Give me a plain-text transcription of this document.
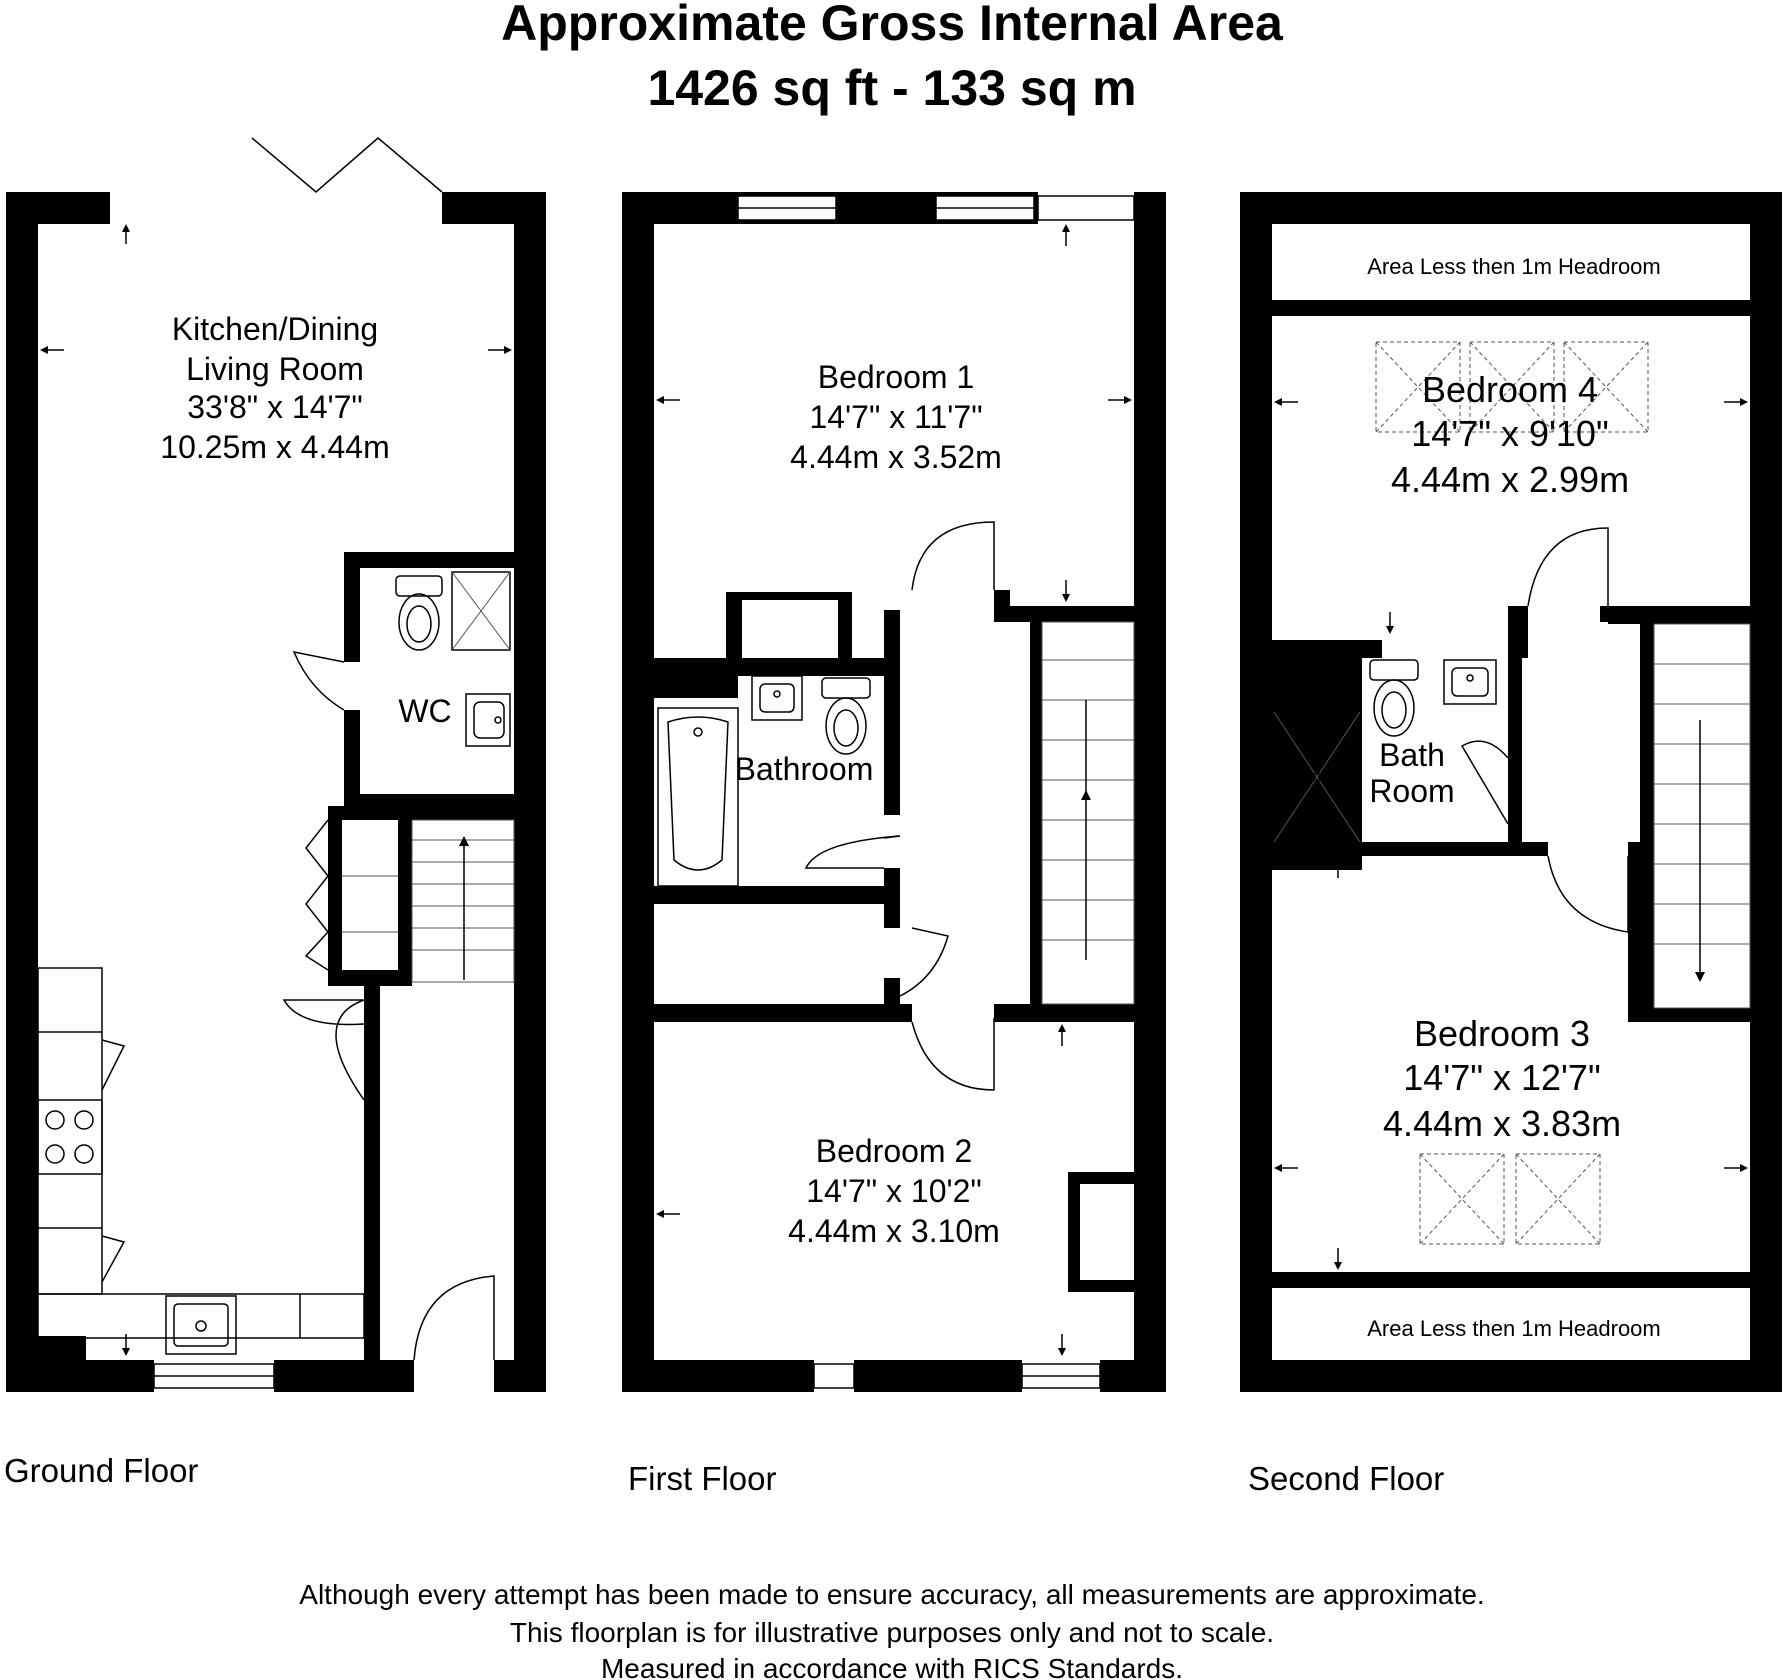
Approximate Gross Internal Area
1426 sq ft - 133 sq m
Kitchen/Dining
Living Room
33'8" x 14'7"
10.25m x 4.44m
WC
Ground Floor
Bedroom 1
14'7" x 11'7"
4.44m x 3.52m
Bathroom
Bedroom 2
14'7" x 10'2"
4.44m x 3.10m
First Floor
Area Less then 1m Headroom
Bedroom 4
14'7" x 9'10"
4.44m x 2.99m
Bath
Room
Bedroom 3
14'7" x 12'7"
4.44m x 3.83m
Area Less then 1m Headroom
Second Floor
Although every attempt has been made to ensure accuracy, all measurements are approximate.
This floorplan is for illustrative purposes only and not to scale.
Measured in accordance with RICS Standards.
